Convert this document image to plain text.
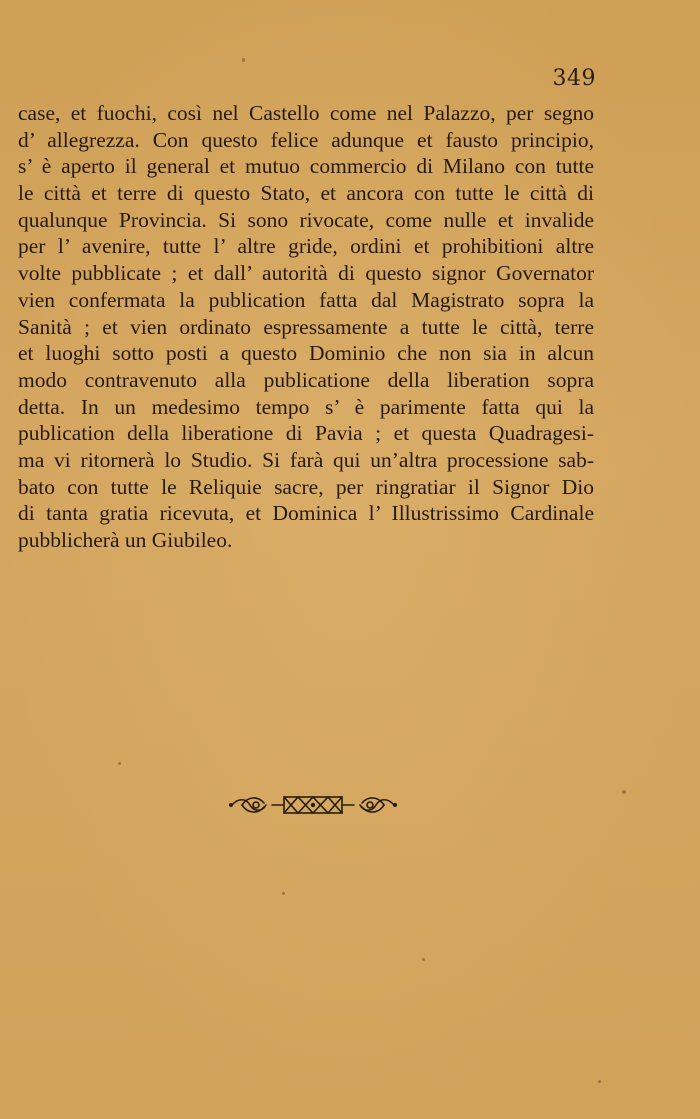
349
case, et fuochi, così nel Castello come nel Palazzo, per segno
d’ allegrezza. Con questo felice adunque et fausto principio,
s’ è aperto il general et mutuo commercio di Milano con tutte
le città et terre di questo Stato, et ancora con tutte le città di
qualunque Provincia. Si sono rivocate, come nulle et invalide
per l’ avenire, tutte l’ altre gride, ordini et prohibitioni altre
volte pubblicate ; et dall’ autorità di questo signor Governator
vien confermata la publication fatta dal Magistrato sopra la
Sanità ; et vien ordinato espressamente a tutte le città, terre
et luoghi sotto posti a questo Dominio che non sia in alcun
modo contravenuto alla publicatione della liberation sopra
detta. In un medesimo tempo s’ è parimente fatta qui la
publication della liberatione di Pavia ; et questa Quadragesi-
ma vi ritornerà lo Studio. Si farà qui un’altra processione sab-
bato con tutte le Reliquie sacre, per ringratiar il Signor Dio
di tanta gratia ricevuta, et Dominica l’ Illustrissimo Cardinale
pubblicherà un Giubileo.
